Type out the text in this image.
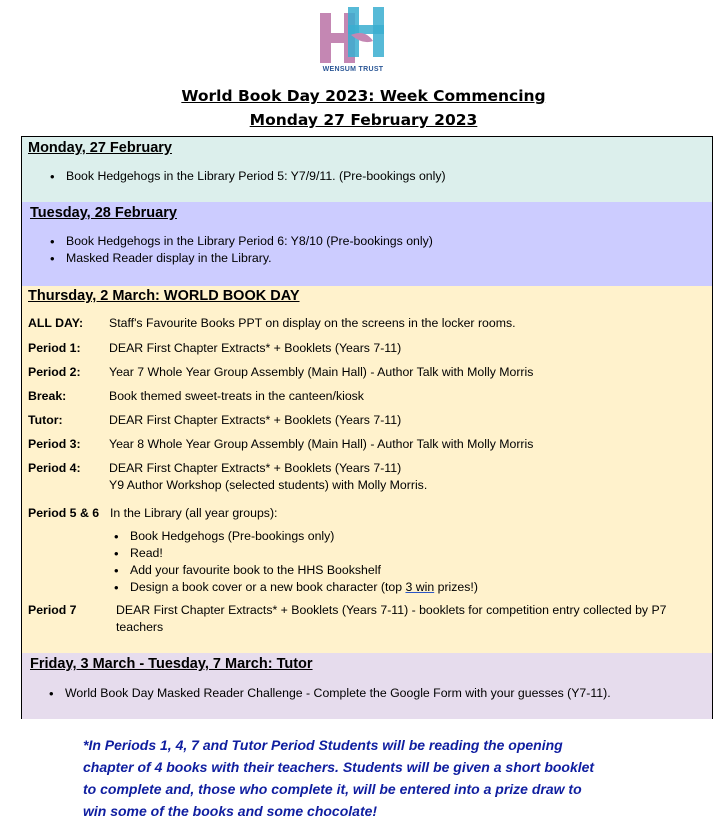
WENSUM TRUST
World Book Day 2023: Week Commencing
Monday 27 February 2023
Monday, 27 February
• Book Hedgehogs in the Library Period 5: Y7/9/11. (Pre-bookings only)
Tuesday, 28 February
• Book Hedgehogs in the Library Period 6: Y8/10 (Pre-bookings only)
• Masked Reader display in the Library.
Thursday, 2 March: WORLD BOOK DAY
ALL DAY: Staff's Favourite Books PPT on display on the screens in the locker rooms.
Period 1: DEAR First Chapter Extracts* + Booklets (Years 7-11)
Period 2: Year 7 Whole Year Group Assembly (Main Hall) - Author Talk with Molly Morris
Break:	Book themed sweet-treats in the canteen/kiosk
Tutor:	DEAR First Chapter Extracts* + Booklets (Years 7-11)
Period 3: Year 8 Whole Year Group Assembly (Main Hall) - Author Talk with Molly Morris
Period 4: DEAR First Chapter Extracts* + Booklets (Years 7-11)
Y9 Author Workshop (selected students) with Molly Morris.
Period 5 & 6 In the Library (all year groups):
• Book Hedgehogs (Pre-bookings only)
• Read!
• Add your favourite book to the HHS Bookshelf
• Design a book cover or a new book character (top 3 win prizes!)
Period 7	DEAR First Chapter Extracts* + Booklets (Years 7-11) - booklets for competition entry collected by P7
teachers
Friday, 3 March - Tuesday, 7 March: Tutor
• World Book Day Masked Reader Challenge - Complete the Google Form with your guesses (Y7-11).
*In Periods 1, 4, 7 and Tutor Period Students will be reading the opening
chapter of 4 books with their teachers. Students will be given a short booklet
to complete and, those who complete it, will be entered into a prize draw to
win some of the books and some chocolate!
